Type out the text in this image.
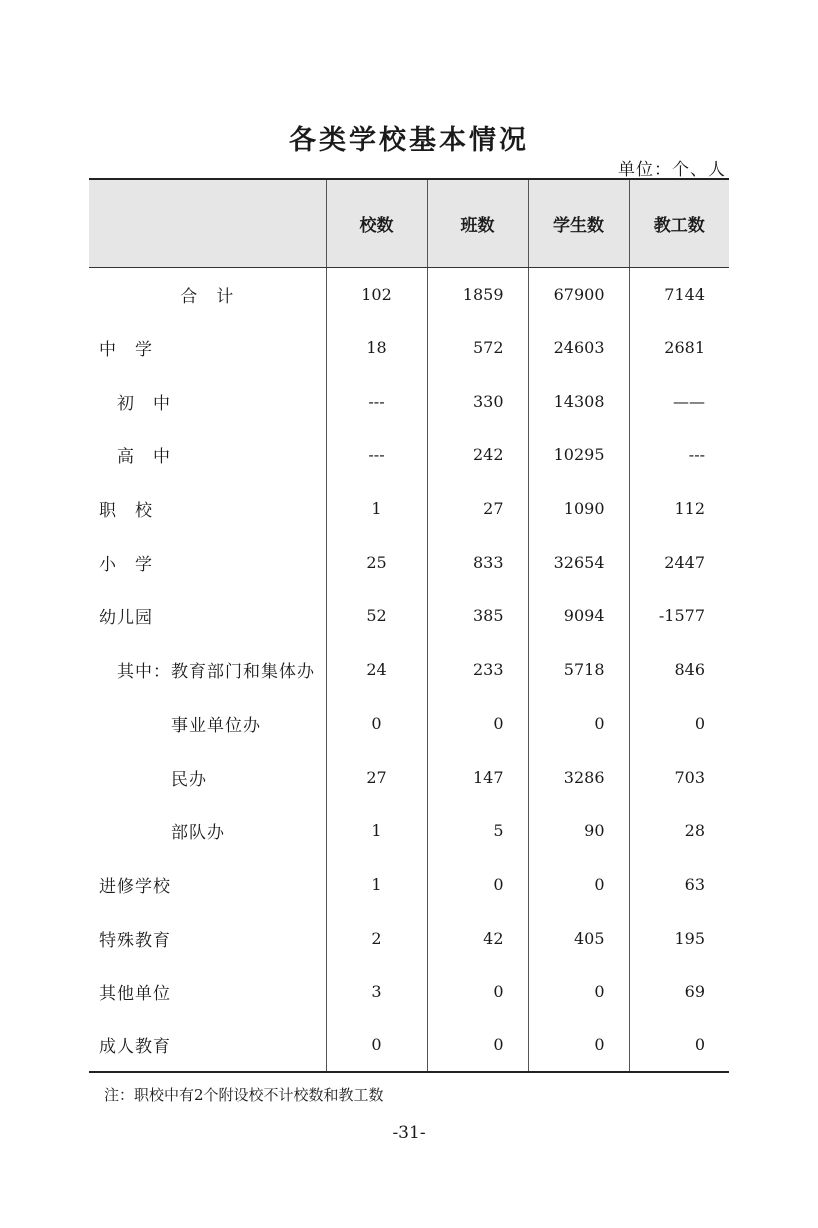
各类学校基本情况
单位：个、人
	校数	班数	学生数	教工数
合　计	102	1859	67900	7144
中　学	18	572	24603	2681
初　中	---	330	14308	——
高　中	---	242	10295	---
职　校	1	27	1090	112
小　学	25	833	32654	2447
幼儿园	52	385	9094	-1577
其中：教育部门和集体办	24	233	5718	846
事业单位办	0	0	0	0
民办	27	147	3286	703
部队办	1	5	90	28
进修学校	1	0	0	63
特殊教育	2	42	405	195
其他单位	3	0	0	69
成人教育	0	0	0	0
注：职校中有2个附设校不计校数和教工数
-31-
